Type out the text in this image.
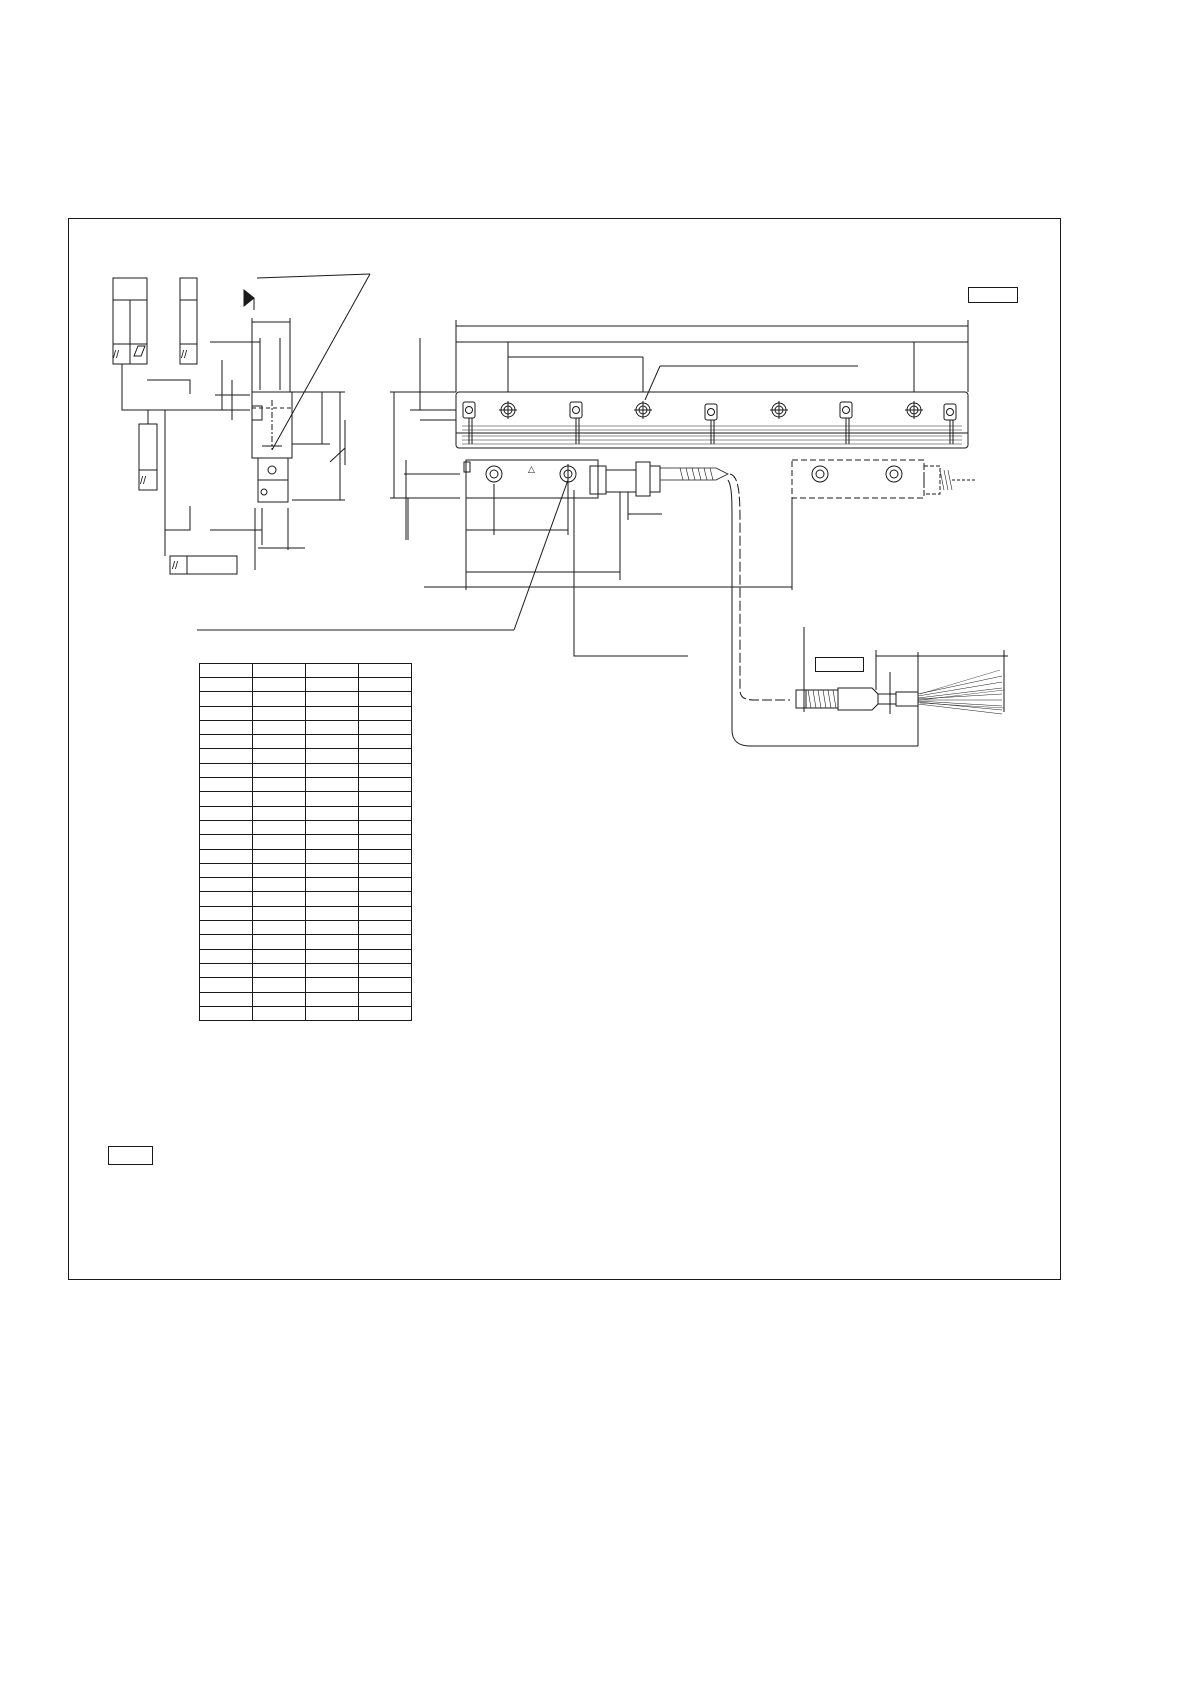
//	//
//
//
△
